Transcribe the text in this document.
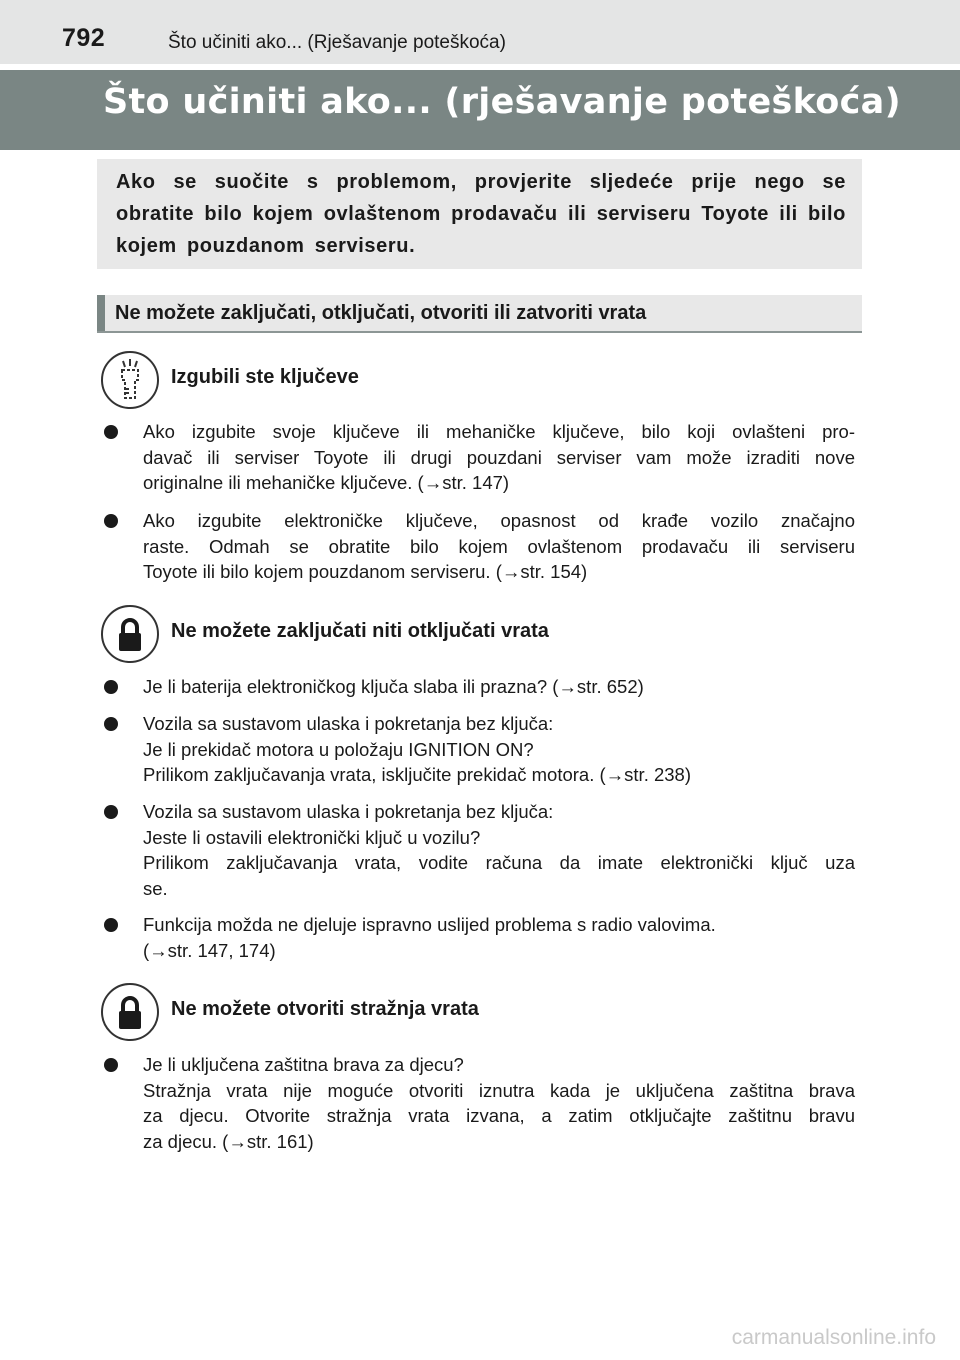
792	Što učiniti ako... (Rješavanje poteškoća)
Što učiniti ako... (rješavanje poteškoća)
Ako se suočite s problemom, provjerite sljedeće prije nego se obratite bilo kojem ovlaštenom prodavaču ili serviseru Toyote ili bilo kojem pouzdanom serviseru.
Ne možete zaključati, otključati, otvoriti ili zatvoriti vrata
Izgubili ste ključeve
Ako izgubite svoje ključeve ili mehaničke ključeve, bilo koji ovlašteni pro-
davač ili serviser Toyote ili drugi pouzdani serviser vam može izraditi nove
originalne ili mehaničke ključeve. (→str. 147)
Ako izgubite elektroničke ključeve, opasnost od krađe vozilo značajno
raste. Odmah se obratite bilo kojem ovlaštenom prodavaču ili serviseru
Toyote ili bilo kojem pouzdanom serviseru. (→str. 154)
Ne možete zaključati niti otključati vrata
Je li baterija elektroničkog ključa slaba ili prazna? (→str. 652)
Vozila sa sustavom ulaska i pokretanja bez ključa:
Je li prekidač motora u položaju IGNITION ON?
Prilikom zaključavanja vrata, isključite prekidač motora. (→str. 238)
Vozila sa sustavom ulaska i pokretanja bez ključa:
Jeste li ostavili elektronički ključ u vozilu?
Prilikom zaključavanja vrata, vodite računa da imate elektronički ključ uza
se.
Funkcija možda ne djeluje ispravno uslijed problema s radio valovima.
(→str. 147, 174)
Ne možete otvoriti stražnja vrata
Je li uključena zaštitna brava za djecu?
Stražnja vrata nije moguće otvoriti iznutra kada je uključena zaštitna brava
za djecu. Otvorite stražnja vrata izvana, a zatim otključajte zaštitnu bravu
za djecu. (→str. 161)
carmanualsonline.info
